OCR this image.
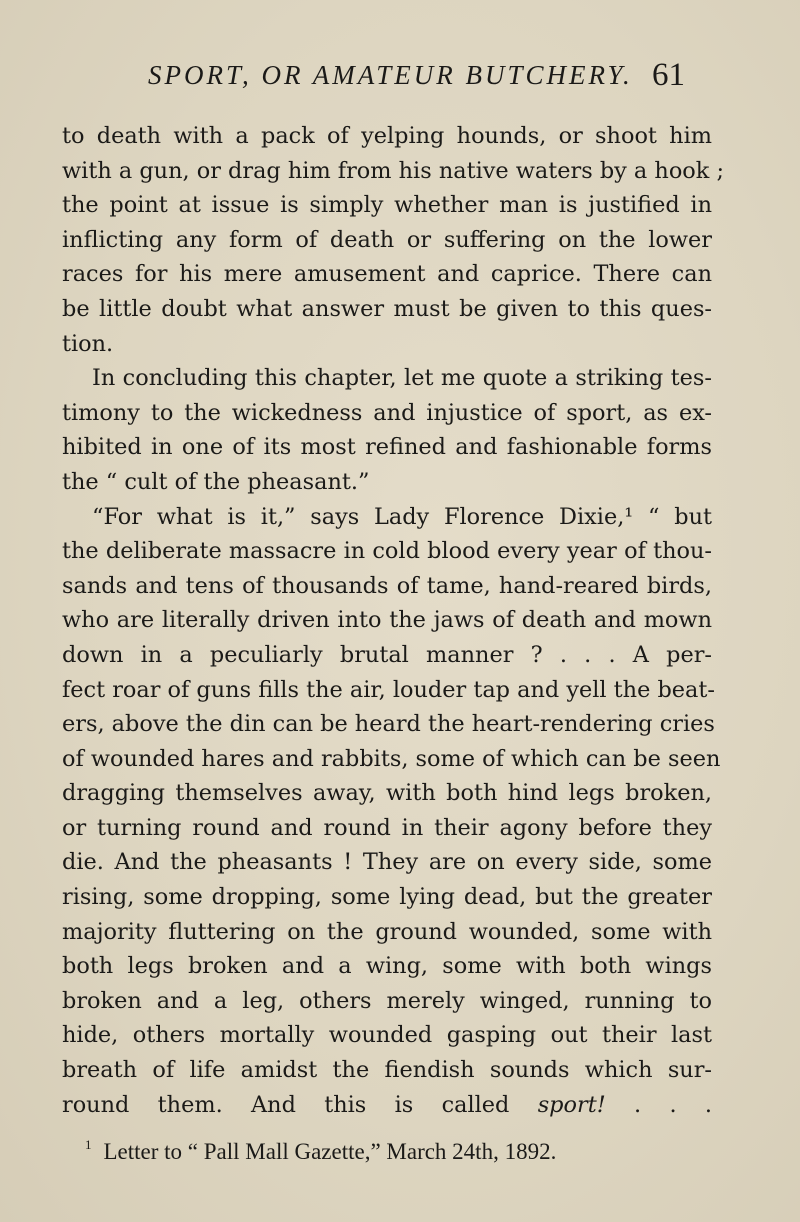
SPORT, OR AMATEUR BUTCHERY. 61
to death with a pack of yelping hounds, or shoot him
with a gun, or drag him from his native waters by a hook ;
the point at issue is simply whether man is justified in
inflicting any form of death or suffering on the lower
races for his mere amusement and caprice. There can
be little doubt what answer must be given to this ques-
tion.
In concluding this chapter, let me quote a striking tes-
timony to the wickedness and injustice of sport, as ex-
hibited in one of its most refined and fashionable forms
the “ cult of the pheasant.”
“For what is it,” says Lady Florence Dixie,¹ “ but
the deliberate massacre in cold blood every year of thou-
sands and tens of thousands of tame, hand-reared birds,
who are literally driven into the jaws of death and mown
down in a peculiarly brutal manner ? . . . A per-
fect roar of guns fills the air, louder tap and yell the beat-
ers, above the din can be heard the heart-rendering cries
of wounded hares and rabbits, some of which can be seen
dragging themselves away, with both hind legs broken,
or turning round and round in their agony before they
die. And the pheasants ! They are on every side, some
rising, some dropping, some lying dead, but the greater
majority fluttering on the ground wounded, some with
both legs broken and a wing, some with both wings
broken and a leg, others merely winged, running to
hide, others mortally wounded gasping out their last
breath of life amidst the fiendish sounds which sur-
round them. And this is called sport! . . .
$^1$ Letter to “ Pall Mall Gazette,” March 24th, 1892.
